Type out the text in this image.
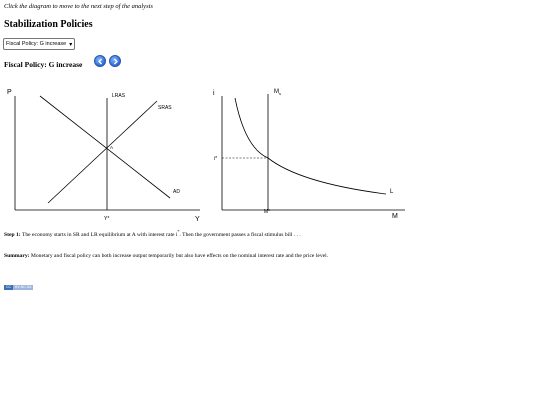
Click the diagram to move to the next step of the analysis
Stabilization Policies
Fiscal Policy: G increase ▾
Fiscal Policy: G increase
P
Y
LRAS
SRAS
AD
A
Y*
i
M
$M_s$
L
i*
M*
Step 1: The economy starts in SR and LR equilibrium at A with interest rate i*. Then the government passes a fiscal stimulus bill . . .
Summary: Monetary and fiscal policy can both increase output temporarily but also have effects on the nominal interest rate and the price level.
CC	BY-NC-SA
